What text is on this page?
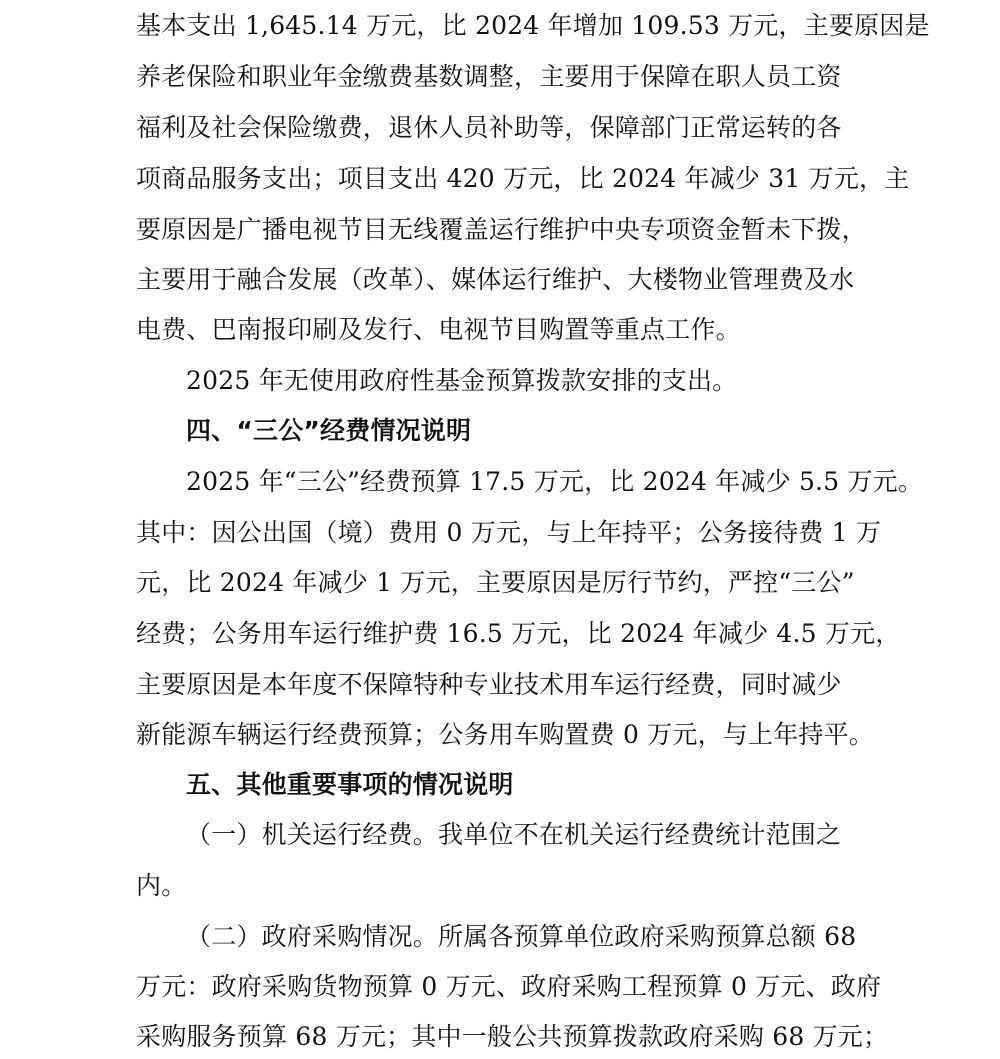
基本支出 1,645.14 万元，比 2024 年增加 109.53 万元，主要原因是
养老保险和职业年金缴费基数调整，主要用于保障在职人员工资
福利及社会保险缴费，退休人员补助等，保障部门正常运转的各
项商品服务支出；项目支出 420 万元，比 2024 年减少 31 万元，主
要原因是广播电视节目无线覆盖运行维护中央专项资金暂未下拨，
主要用于融合发展（改革）、媒体运行维护、大楼物业管理费及水
电费、巴南报印刷及发行、电视节目购置等重点工作。
2025 年无使用政府性基金预算拨款安排的支出。
四、“三公”经费情况说明
2025 年“三公”经费预算 17.5 万元，比 2024 年减少 5.5 万元。
其中：因公出国（境）费用 0 万元，与上年持平；公务接待费 1 万
元，比 2024 年减少 1 万元，主要原因是厉行节约，严控“三公”
经费；公务用车运行维护费 16.5 万元，比 2024 年减少 4.5 万元，
主要原因是本年度不保障特种专业技术用车运行经费，同时减少
新能源车辆运行经费预算；公务用车购置费 0 万元，与上年持平。
五、其他重要事项的情况说明
（一）机关运行经费。我单位不在机关运行经费统计范围之
内。
（二）政府采购情况。所属各预算单位政府采购预算总额 68
万元：政府采购货物预算 0 万元、政府采购工程预算 0 万元、政府
采购服务预算 68 万元；其中一般公共预算拨款政府采购 68 万元；
